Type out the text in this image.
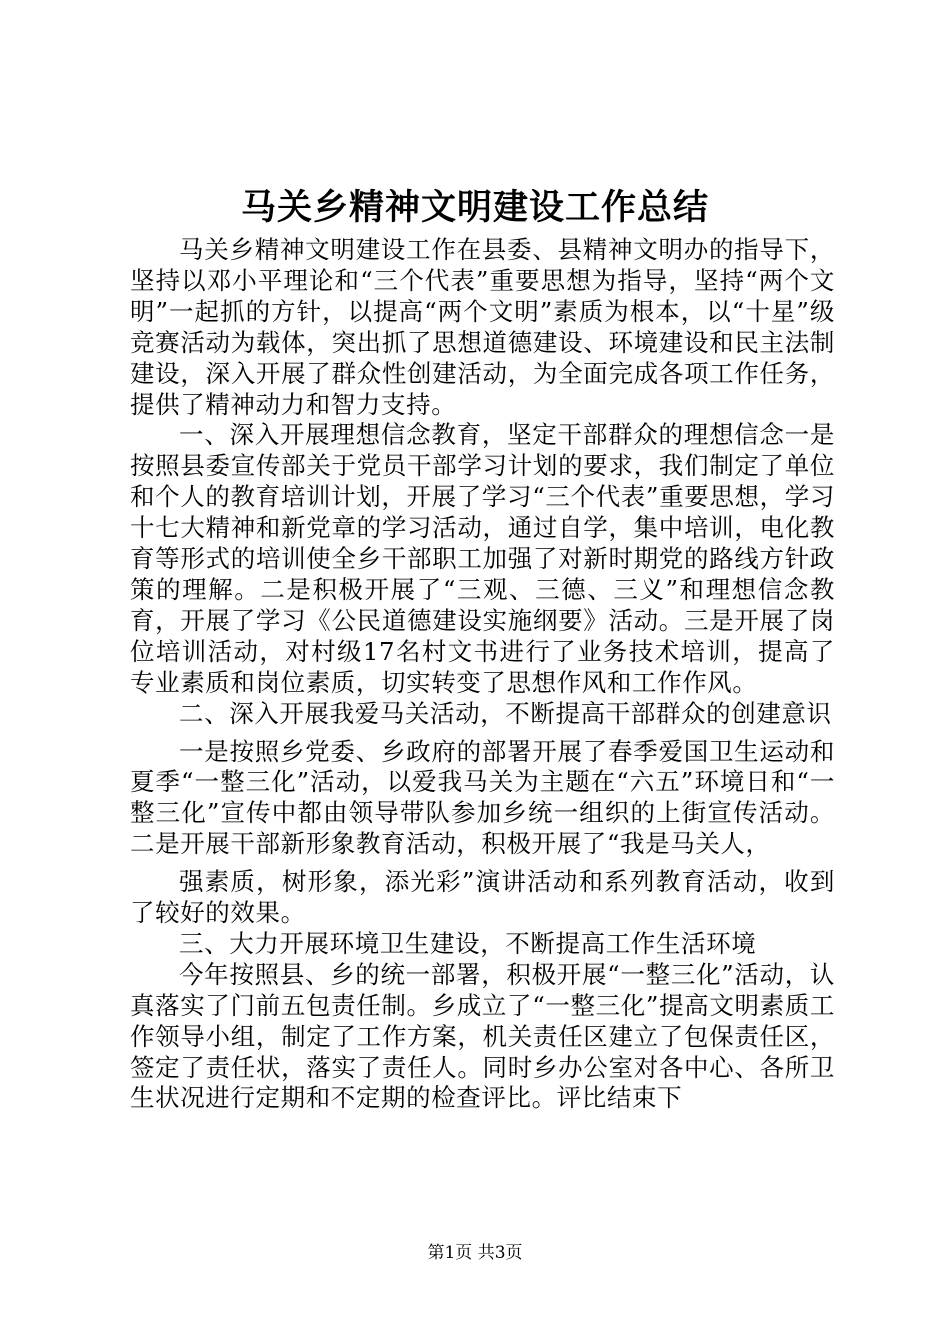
马关乡精神文明建设工作总结

马关乡精神文明建设工作在县委、县精神文明办的指导下，坚持以邓小平理论和“三个代表”重要思想为指导，坚持“两个文明”一起抓的方针，以提高“两个文明”素质为根本，以“十星”级竞赛活动为载体，突出抓了思想道德建设、环境建设和民主法制建设，深入开展了群众性创建活动，为全面完成各项工作任务，提供了精神动力和智力支持。

一、深入开展理想信念教育，坚定干部群众的理想信念一是按照县委宣传部关于党员干部学习计划的要求，我们制定了单位和个人的教育培训计划，开展了学习“三个代表”重要思想，学习十七大精神和新党章的学习活动，通过自学，集中培训，电化教育等形式的培训使全乡干部职工加强了对新时期党的路线方针政策的理解。二是积极开展了“三观、三德、三义”和理想信念教育，开展了学习《公民道德建设实施纲要》活动。三是开展了岗位培训活动，对村级17名村文书进行了业务技术培训，提高了专业素质和岗位素质，切实转变了思想作风和工作作风。

二、深入开展我爱马关活动，不断提高干部群众的创建意识

一是按照乡党委、乡政府的部署开展了春季爱国卫生运动和夏季“一整三化”活动，以爱我马关为主题在“六五”环境日和“一整三化”宣传中都由领导带队参加乡统一组织的上街宣传活动。二是开展干部新形象教育活动，积极开展了“我是马关人，

强素质，树形象，添光彩”演讲活动和系列教育活动，收到了较好的效果。

三、大力开展环境卫生建设，不断提高工作生活环境

今年按照县、乡的统一部署，积极开展“一整三化”活动，认真落实了门前五包责任制。乡成立了“一整三化”提高文明素质工作领导小组，制定了工作方案，机关责任区建立了包保责任区，签定了责任状，落实了责任人。同时乡办公室对各中心、各所卫生状况进行定期和不定期的检查评比。评比结束下

第1页 共3页
